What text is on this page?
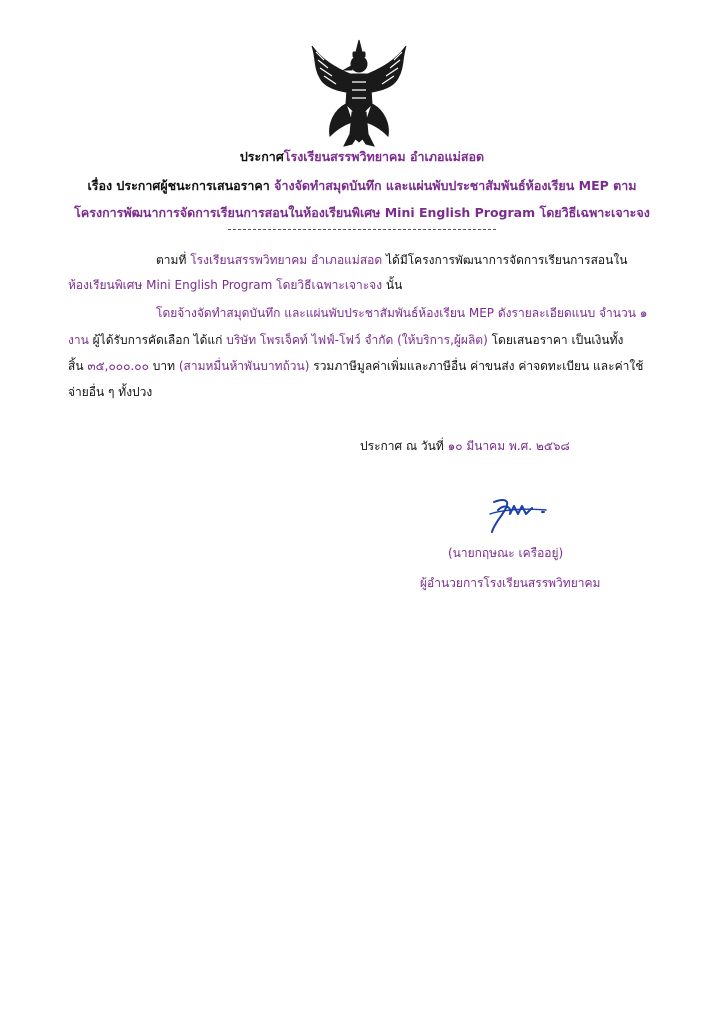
ประกาศโรงเรียนสรรพวิทยาคม อำเภอแม่สอด
เรื่อง ประกาศผู้ชนะการเสนอราคา จ้างจัดทำสมุดบันทึก และแผ่นพับประชาสัมพันธ์ห้องเรียน MEP ตาม
โครงการพัฒนาการจัดการเรียนการสอนในห้องเรียนพิเศษ Mini English Program โดยวิธีเฉพาะเจาะจง
ตามที่ โรงเรียนสรรพวิทยาคม อำเภอแม่สอด ได้มีโครงการพัฒนาการจัดการเรียนการสอนใน
ห้องเรียนพิเศษ Mini English Program โดยวิธีเฉพาะเจาะจง นั้น
โดยจ้างจัดทำสมุดบันทึก และแผ่นพับประชาสัมพันธ์ห้องเรียน MEP ดังรายละเอียดแนบ จำนวน ๑
งาน ผู้ได้รับการคัดเลือก ได้แก่ บริษัท โพรเจ็คท์ ไฟฟ์-โฟว์ จำกัด (ให้บริการ,ผู้ผลิต) โดยเสนอราคา เป็นเงินทั้ง
สิ้น ๓๕,๐๐๐.๐๐ บาท (สามหมื่นห้าพันบาทถ้วน) รวมภาษีมูลค่าเพิ่มและภาษีอื่น ค่าขนส่ง ค่าจดทะเบียน และค่าใช้
จ่ายอื่น ๆ ทั้งปวง
ประกาศ ณ วันที่ ๑๐ มีนาคม พ.ศ. ๒๕๖๘
(นายกฤษณะ เครืออยู่)
ผู้อำนวยการโรงเรียนสรรพวิทยาคม
